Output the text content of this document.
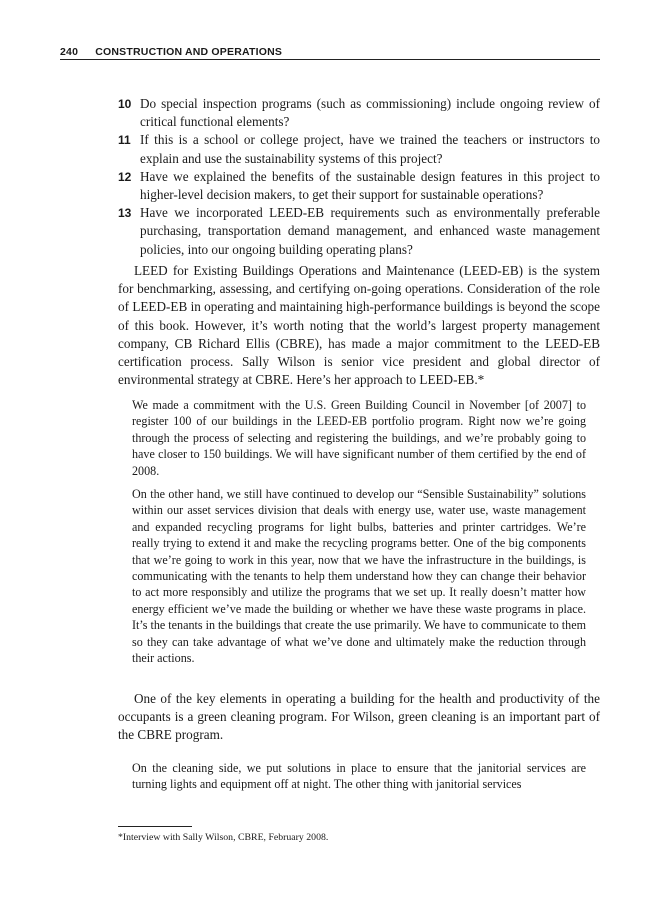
240 CONSTRUCTION AND OPERATIONS
10 Do special inspection programs (such as commissioning) include ongoing review of critical functional elements?
11 If this is a school or college project, have we trained the teachers or instructors to explain and use the sustainability systems of this project?
12 Have we explained the benefits of the sustainable design features in this project to higher-level decision makers, to get their support for sustainable operations?
13 Have we incorporated LEED-EB requirements such as environmentally preferable purchasing, transportation demand management, and enhanced waste management policies, into our ongoing building operating plans?

LEED for Existing Buildings Operations and Maintenance (LEED-EB) is the system for benchmarking, assessing, and certifying on-going operations. Consideration of the role of LEED-EB in operating and maintaining high-performance buildings is beyond the scope of this book. However, it’s worth noting that the world’s largest property management company, CB Richard Ellis (CBRE), has made a major commitment to the LEED-EB certification process. Sally Wilson is senior vice president and global director of environmental strategy at CBRE. Here’s her approach to LEED-EB.*

We made a commitment with the U.S. Green Building Council in November [of 2007] to register 100 of our buildings in the LEED-EB portfolio program. Right now we’re going through the process of selecting and registering the buildings, and we’re probably going to have closer to 150 buildings. We will have significant number of them certified by the end of 2008.

On the other hand, we still have continued to develop our “Sensible Sustainability” solutions within our asset services division that deals with energy use, water use, waste management and expanded recycling programs for light bulbs, batteries and printer cartridges. We’re really trying to extend it and make the recycling programs better. One of the big components that we’re going to work in this year, now that we have the infrastructure in the buildings, is communicating with the tenants to help them understand how they can change their behavior to act more responsibly and utilize the programs that we set up. It really doesn’t matter how energy efficient we’ve made the building or whether we have these waste programs in place. It’s the tenants in the buildings that create the use primarily. We have to communicate to them so they can take advantage of what we’ve done and ultimately make the reduction through their actions.

One of the key elements in operating a building for the health and productivity of the occupants is a green cleaning program. For Wilson, green cleaning is an important part of the CBRE program.

On the cleaning side, we put solutions in place to ensure that the janitorial services are turning lights and equipment off at night. The other thing with janitorial services

*Interview with Sally Wilson, CBRE, February 2008.
